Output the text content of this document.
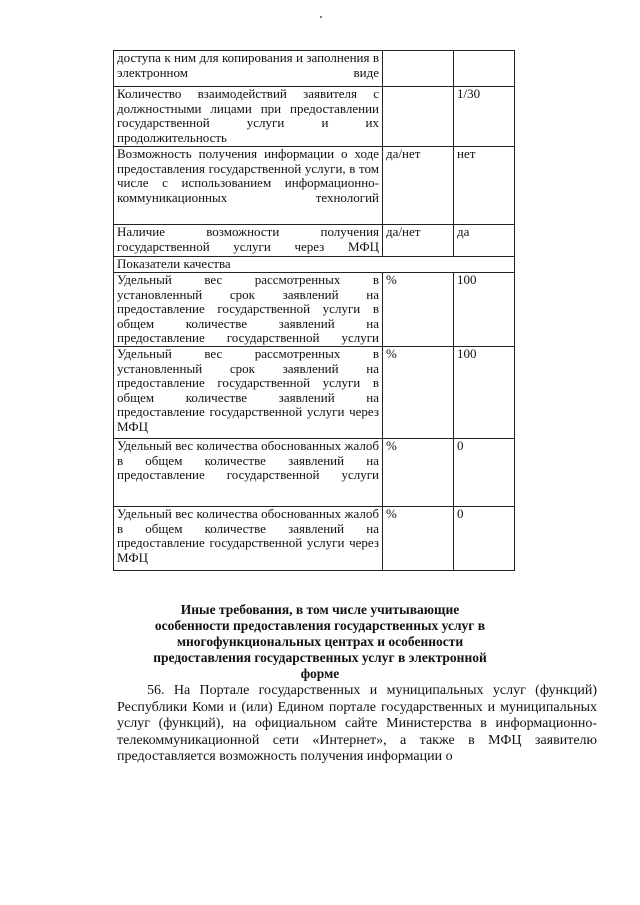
доступа к ним для копирования и заполнения в электронном виде		
Количество взаимодействий заявителя с должностными лицами при предоставлении государственной услуги и их продолжительность		1/30
Возможность получения информации о ходе предоставления государственной услуги, в том числе с использованием информационно-коммуникационных технологий	да/нет	нет
Наличие возможности получения государственной услуги через МФЦ	да/нет	да
Показатели качества		
Удельный вес рассмотренных в установленный срок заявлений на предоставление государственной услуги в общем количестве заявлений на предоставление государственной услуги	%	100
Удельный вес рассмотренных в установленный срок заявлений на предоставление государственной услуги в общем количестве заявлений на предоставление государственной услуги через МФЦ	%	100
Удельный вес количества обоснованных жалоб в общем количестве заявлений на предоставление государственной услуги	%	0
Удельный вес количества обоснованных жалоб в общем количестве заявлений на предоставление государственной услуги через МФЦ	%	0
Иные требования, в том числе учитывающие особенности предоставления государственных услуг в многофункциональных центрах и особенности предоставления государственных услуг в электронной форме
56. На Портале государственных и муниципальных услуг (функций) Республики Коми и (или) Едином портале государственных и муниципальных услуг (функций), на официальном сайте Министерства в информационно-телекоммуникационной сети «Интернет», а также в МФЦ заявителю предоставляется возможность получения информации о
